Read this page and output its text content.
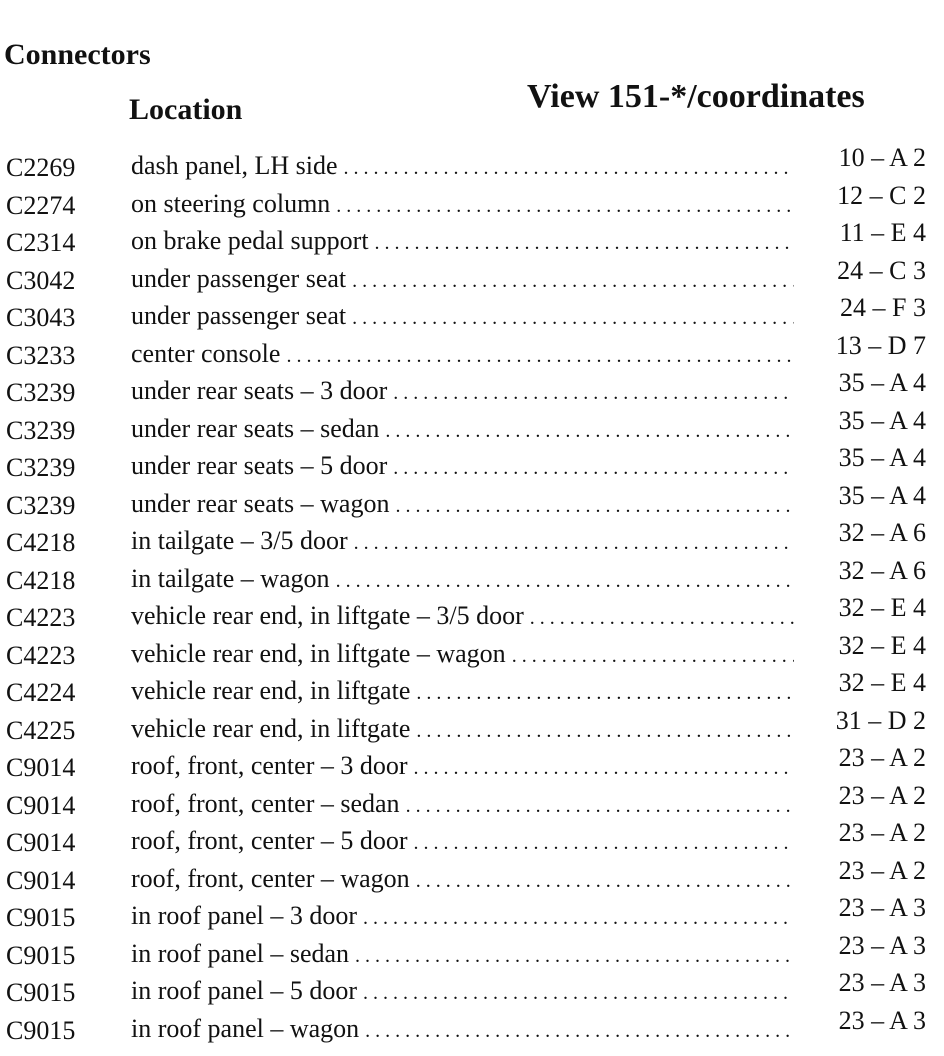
Connectors
Location	View 151-*/coordinates
C2269 dash panel, LH side . . .	10 – A 2
C2274 on steering column . . .	12 – C 2
C2314 on brake pedal support . . .	11 – E 4
C3042 under passenger seat . . .	24 – C 3
C3043 under passenger seat . . .	24 – F 3
C3233 center console . . .	13 – D 7
C3239 under rear seats – 3 door . . .	35 – A 4
C3239 under rear seats – sedan . . .	35 – A 4
C3239 under rear seats – 5 door . . .	35 – A 4
C3239 under rear seats – wagon . . .	35 – A 4
C4218 in tailgate – 3/5 door . . .	32 – A 6
C4218 in tailgate – wagon . . .	32 – A 6
C4223 vehicle rear end, in liftgate – 3/5 door . . .	32 – E 4
C4223 vehicle rear end, in liftgate – wagon . . .	32 – E 4
C4224 vehicle rear end, in liftgate . . .	32 – E 4
C4225 vehicle rear end, in liftgate . . .	31 – D 2
C9014 roof, front, center – 3 door . . .	23 – A 2
C9014 roof, front, center – sedan . . .	23 – A 2
C9014 roof, front, center – 5 door . . .	23 – A 2
C9014 roof, front, center – wagon . . .	23 – A 2
C9015 in roof panel – 3 door . . .	23 – A 3
C9015 in roof panel – sedan . . .	23 – A 3
C9015 in roof panel – 5 door . . .	23 – A 3
C9015 in roof panel – wagon . . .	23 – A 3
